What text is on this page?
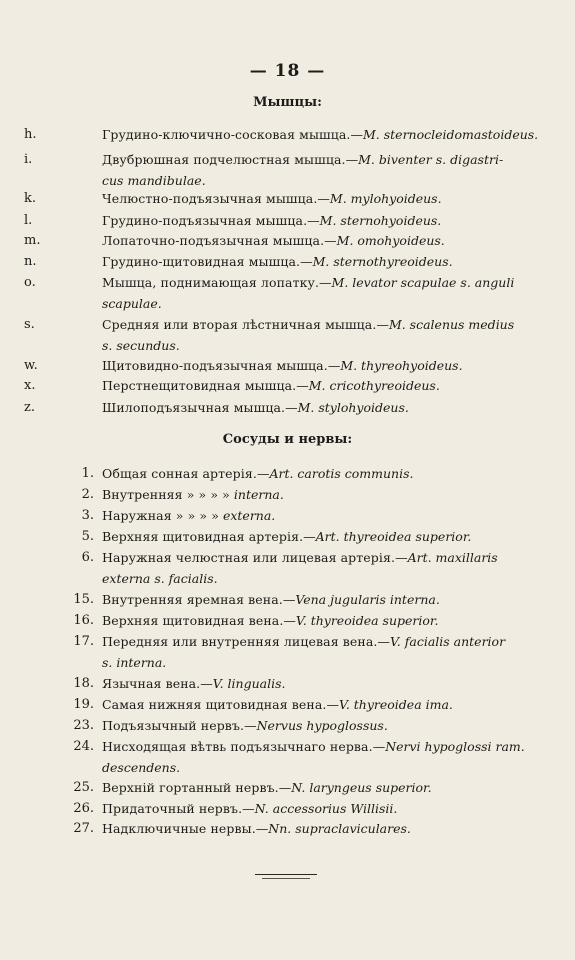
— 18 —
Мышцы:
h.	Грудино-ключично-сосковая мышца.—M. sternocleidomastoideus.
i.	Двубрюшная подчелюстная мышца.—M. biventer s. digastri-
cus mandibulae.
k.	Челюстно-подъязычная мышца.—M. mylohyoideus.
l.	Грудино-подъязычная мышца.—M. sternohyoideus.
m.	Лопаточно-подъязычная мышца.—M. omohyoideus.
n.	Грудино-щитовидная мышца.—M. sternothyreoideus.
o.	Мышца, поднимающая лопатку.—M. levator scapulae s. anguli
scapulae.
s.	Средняя или вторая лѣстничная мышца.—M. scalenus medius
s. secundus.
w.	Щитовидно-подъязычная мышца.—M. thyreohyoideus.
x.	Перстнещитовидная мышца.—M. cricothyreoideus.
z.	Шилоподъязычная мышца.—M. stylohyoideus.
Сосуды и нервы:
1. Общая сонная артерія.—Art. carotis communis.
2. Внутренняя » » » » interna.
3. Наружная » » » » externa.
5. Верхняя щитовидная артерія.—Art. thyreoidea superior.
6. Наружная челюстная или лицевая артерія.—Art. maxillaris
externa s. facialis.
15. Внутренняя яремная вена.—Vena jugularis interna.
16. Верхняя щитовидная вена.—V. thyreoidea superior.
17. Передняя или внутренняя лицевая вена.—V. facialis anterior
s. interna.
18. Язычная вена.—V. lingualis.
19. Самая нижняя щитовидная вена.—V. thyreoidea ima.
23. Подъязычный нервъ.—Nervus hypoglossus.
24. Нисходящая вѣтвь подъязычнаго нерва.—Nervi hypoglossi ram.
descendens.
25. Верхній гортанный нервъ.—N. laryngeus superior.
26. Придаточный нервъ.—N. accessorius Willisii.
27. Надключичные нервы.—Nn. supraclaviculares.
